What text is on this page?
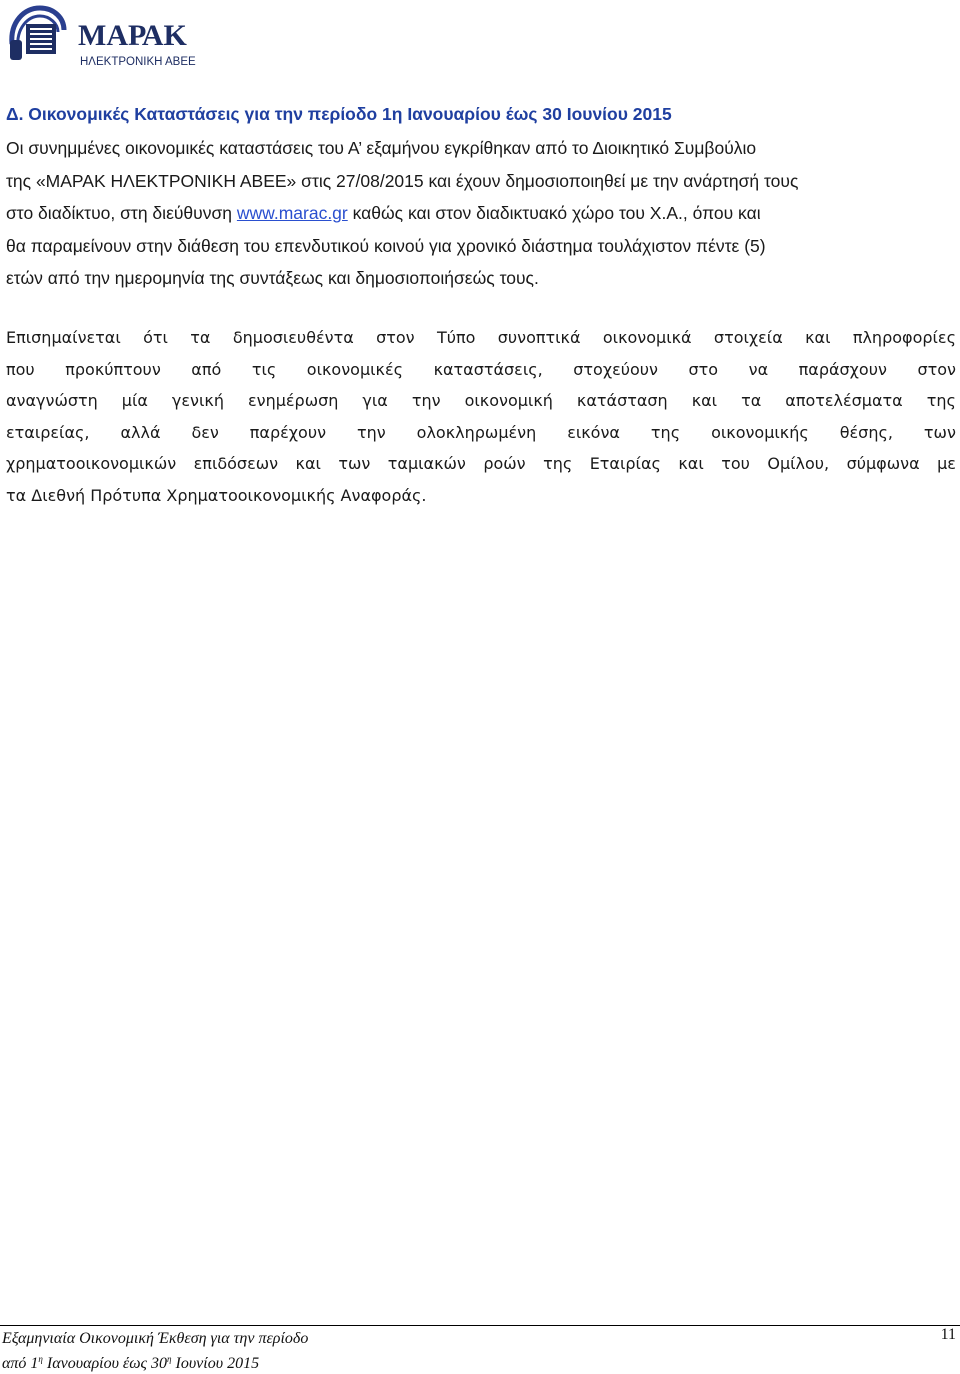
ΜΑΡΑΚ
ΗΛΕΚΤΡΟΝΙΚΗ ΑΒΕΕ
Δ. Οικονομικές Καταστάσεις για την περίοδο 1η Ιανουαρίου έως 30 Ιουνίου 2015
Οι συνημμένες οικονομικές καταστάσεις του Α’ εξαμήνου εγκρίθηκαν από το Διοικητικό Συμβούλιο
της «ΜΑΡΑΚ ΗΛΕΚΤΡΟΝΙΚΗ ΑΒΕΕ» στις 27/08/2015 και έχουν δημοσιοποιηθεί με την ανάρτησή τους
στο διαδίκτυο, στη διεύθυνση www.marac.gr καθώς και στον διαδικτυακό χώρο του Χ.Α., όπου και
θα παραμείνουν στην διάθεση του επενδυτικού κοινού για χρονικό διάστημα τουλάχιστον πέντε (5)
ετών από την ημερομηνία της συντάξεως και δημοσιοποιήσεώς τους.
Επισημαίνεται ότι τα δημοσιευθέντα στον Τύπο συνοπτικά οικονομικά στοιχεία και πληροφορίες
που προκύπτουν από τις οικονομικές καταστάσεις, στοχεύουν στο να παράσχουν στον
αναγνώστη μία γενική ενημέρωση για την οικονομική κατάσταση και τα αποτελέσματα της
εταιρείας, αλλά δεν παρέχουν την ολοκληρωμένη εικόνα της οικονομικής θέσης, των
χρηματοοικονομικών επιδόσεων και των ταμιακών ροών της Εταιρίας και του Ομίλου, σύμφωνα με
τα Διεθνή Πρότυπα Χρηματοοικονομικής Αναφοράς.
Εξαμηνιαία Οικονομική Έκθεση για την περίοδο
από $1^\eta$ Ιανουαρίου έως $30^\eta$ Ιουνίου 2015
11
